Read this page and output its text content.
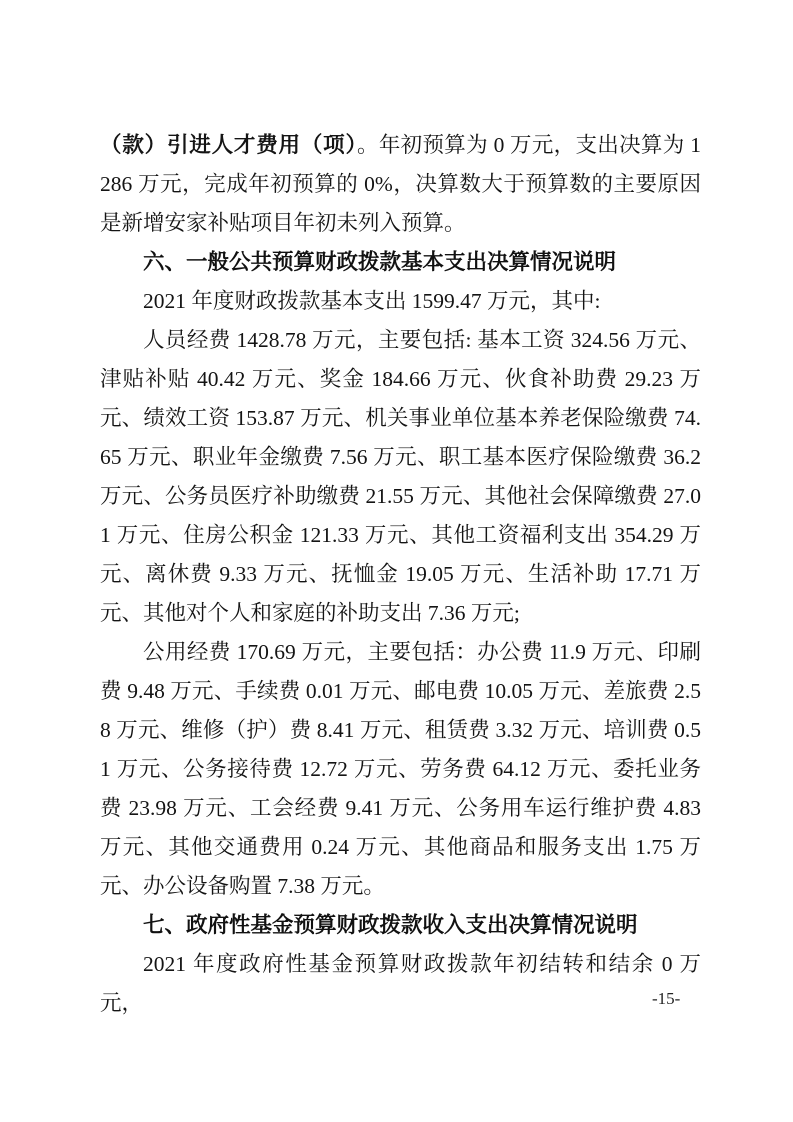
（款）引进人才费用（项）。年初预算为 0 万元，支出决算为 1286 万元，完成年初预算的 0%，决算数大于预算数的主要原因是新增安家补贴项目年初未列入预算。

六、一般公共预算财政拨款基本支出决算情况说明

2021 年度财政拨款基本支出 1599.47 万元，其中:

人员经费 1428.78 万元，主要包括: 基本工资 324.56 万元、津贴补贴 40.42 万元、奖金 184.66 万元、伙食补助费 29.23 万元、绩效工资 153.87 万元、机关事业单位基本养老保险缴费 74.65 万元、职业年金缴费 7.56 万元、职工基本医疗保险缴费 36.2 万元、公务员医疗补助缴费 21.55 万元、其他社会保障缴费 27.01 万元、住房公积金 121.33 万元、其他工资福利支出 354.29 万元、离休费 9.33 万元、抚恤金 19.05 万元、生活补助 17.71 万元、其他对个人和家庭的补助支出 7.36 万元;

公用经费 170.69 万元，主要包括：办公费 11.9 万元、印刷费 9.48 万元、手续费 0.01 万元、邮电费 10.05 万元、差旅费 2.58 万元、维修（护）费 8.41 万元、租赁费 3.32 万元、培训费 0.51 万元、公务接待费 12.72 万元、劳务费 64.12 万元、委托业务费 23.98 万元、工会经费 9.41 万元、公务用车运行维护费 4.83 万元、其他交通费用 0.24 万元、其他商品和服务支出 1.75 万元、办公设备购置 7.38 万元。

七、政府性基金预算财政拨款收入支出决算情况说明

2021 年度政府性基金预算财政拨款年初结转和结余 0 万元，	-15-
